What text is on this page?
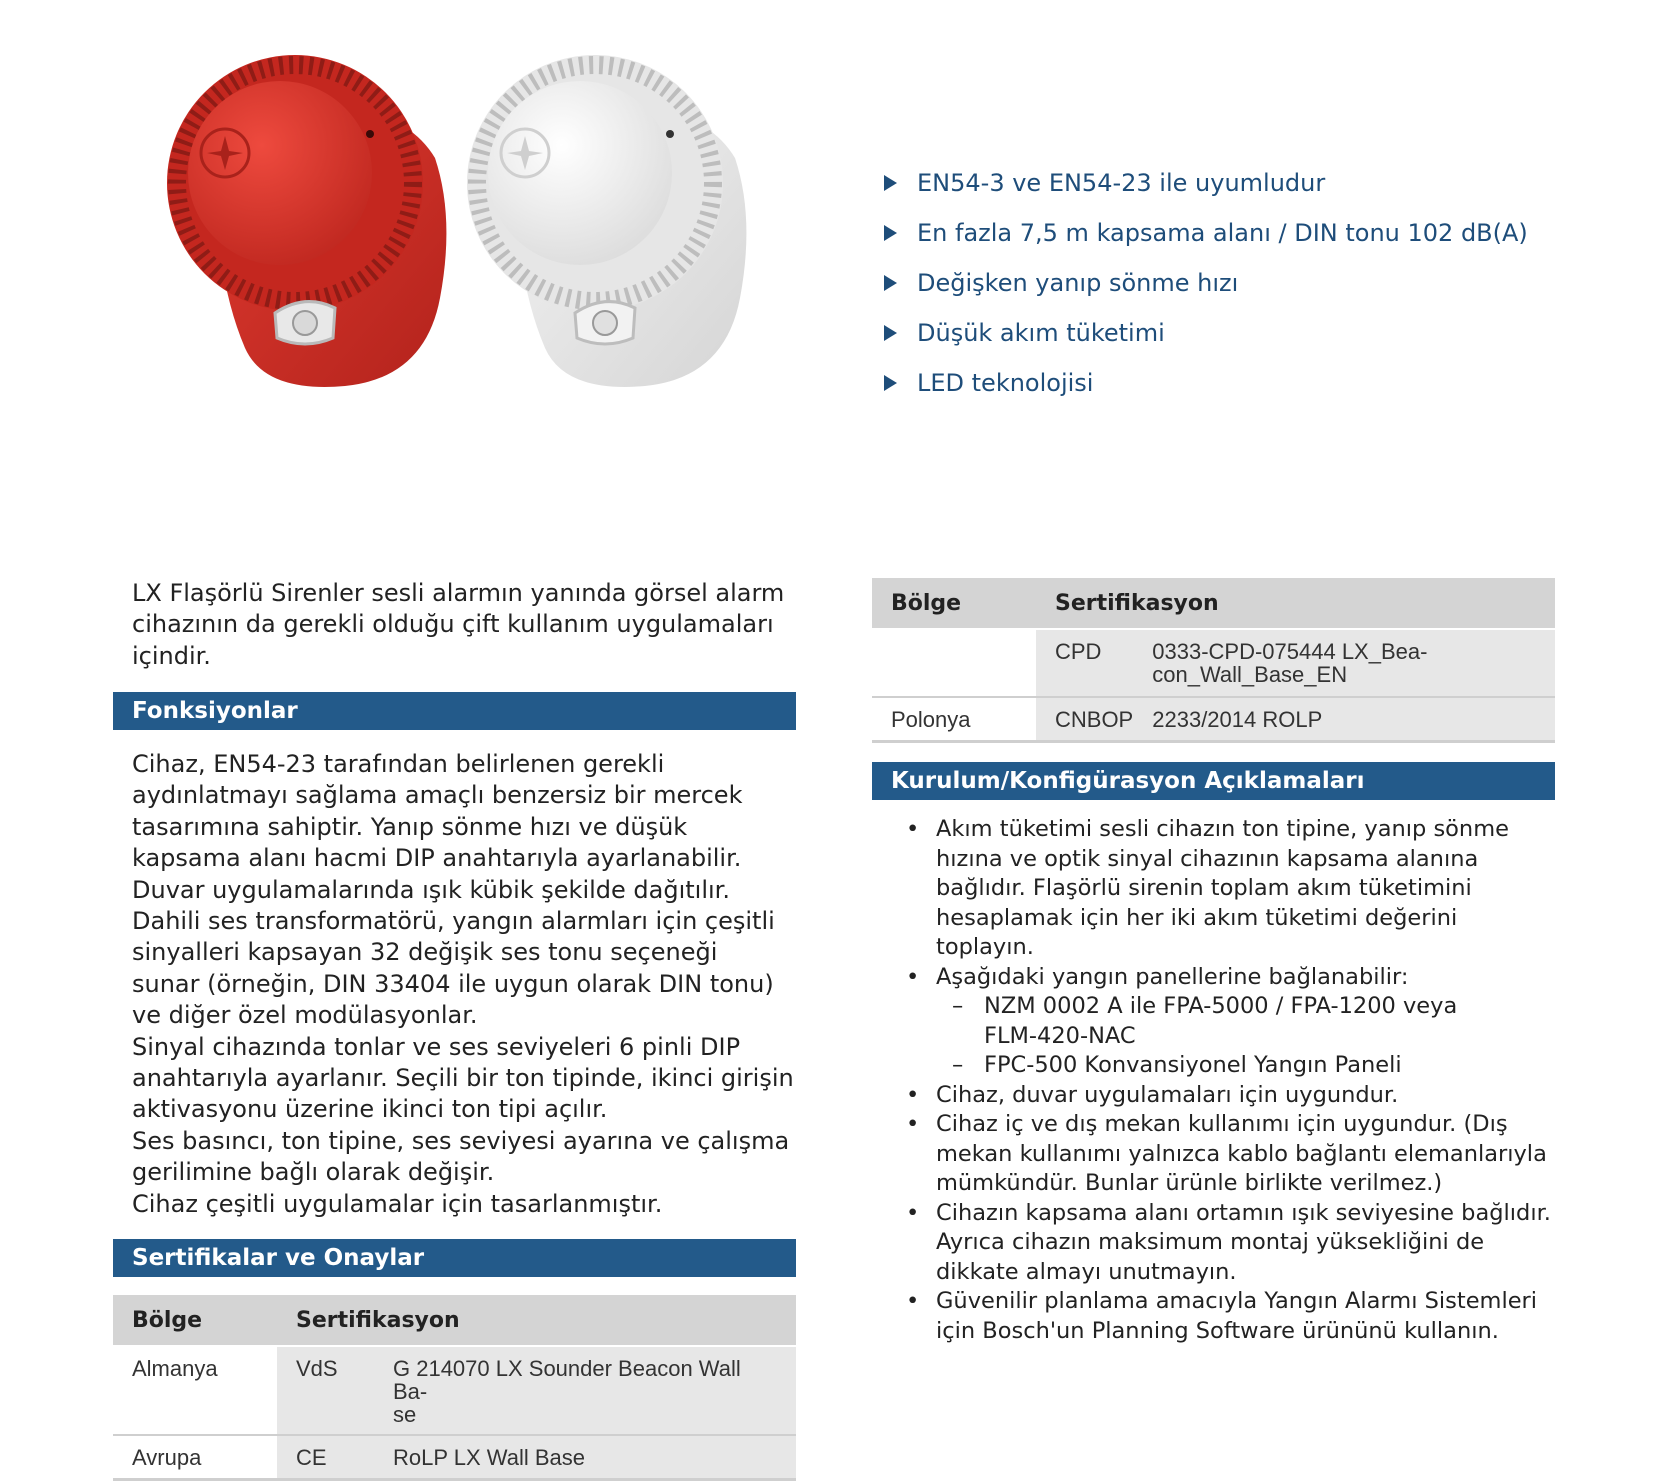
EN54-3 ve EN54-23 ile uyumludur
En fazla 7,5 m kapsama alanı / DIN tonu 102 dB(A)
Değişken yanıp sönme hızı
Düşük akım tüketimi
LED teknolojisi
LX Flaşörlü Sirenler sesli alarmın yanında görsel alarm
cihazının da gerekli olduğu çift kullanım uygulamaları
içindir.
Fonksiyonlar
Cihaz, EN54-23 tarafından belirlenen gerekli
aydınlatmayı sağlama amaçlı benzersiz bir mercek
tasarımına sahiptir. Yanıp sönme hızı ve düşük
kapsama alanı hacmi DIP anahtarıyla ayarlanabilir.
Duvar uygulamalarında ışık kübik şekilde dağıtılır.
Dahili ses transformatörü, yangın alarmları için çeşitli
sinyalleri kapsayan 32 değişik ses tonu seçeneği
sunar (örneğin, DIN 33404 ile uygun olarak DIN tonu)
ve diğer özel modülasyonlar.
Sinyal cihazında tonlar ve ses seviyeleri 6 pinli DIP
anahtarıyla ayarlanır. Seçili bir ton tipinde, ikinci girişin
aktivasyonu üzerine ikinci ton tipi açılır.
Ses basıncı, ton tipine, ses seviyesi ayarına ve çalışma
gerilimine bağlı olarak değişir.
Cihaz çeşitli uygulamalar için tasarlanmıştır.
Sertifikalar ve Onaylar
Bölge	Sertifikasyon	
Almanya	VdS	G 214070 LX Sounder Beacon Wall Ba-
se

Avrupa	CE	RoLP LX Wall Base
Bölge	Sertifikasyon	
	CPD	0333-CPD-075444 LX_Bea-
con_Wall_Base_EN

Polonya	CNBOP	2233/2014 ROLP
Kurulum/Konfigürasyon Açıklamaları
• Akım tüketimi sesli cihazın ton tipine, yanıp sönme
hızına ve optik sinyal cihazının kapsama alanına
bağlıdır. Flaşörlü sirenin toplam akım tüketimini
hesaplamak için her iki akım tüketimi değerini
toplayın.
• Aşağıdaki yangın panellerine bağlanabilir:
– NZM 0002 A ile FPA-5000 / FPA-1200 veya
FLM-420-NAC
– FPC-500 Konvansiyonel Yangın Paneli
• Cihaz, duvar uygulamaları için uygundur.
• Cihaz iç ve dış mekan kullanımı için uygundur. (Dış
mekan kullanımı yalnızca kablo bağlantı elemanlarıyla
mümkündür. Bunlar ürünle birlikte verilmez.)
• Cihazın kapsama alanı ortamın ışık seviyesine bağlıdır.
Ayrıca cihazın maksimum montaj yüksekliğini de
dikkate almayı unutmayın.
• Güvenilir planlama amacıyla Yangın Alarmı Sistemleri
için Bosch'un Planning Software ürününü kullanın.
